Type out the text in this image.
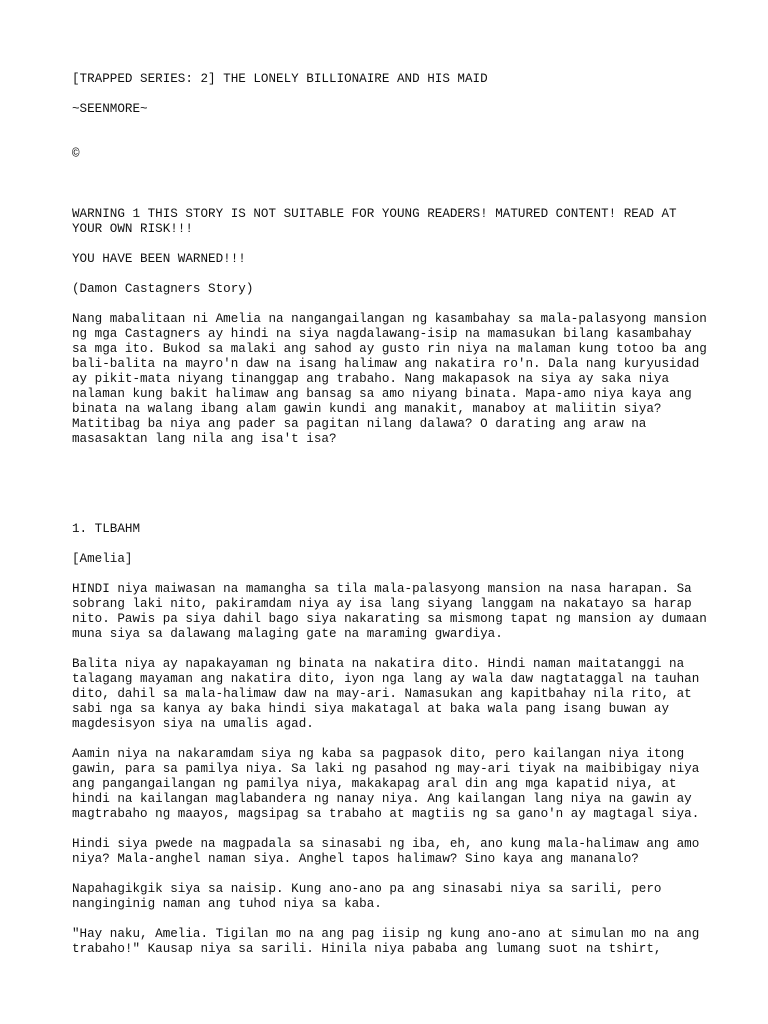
[TRAPPED SERIES: 2] THE LONELY BILLIONAIRE AND HIS MAID

~SEENMORE~

©

WARNING 1 THIS STORY IS NOT SUITABLE FOR YOUNG READERS! MATURED CONTENT! READ AT YOUR OWN RISK!!!

YOU HAVE BEEN WARNED!!!

(Damon Castagners Story)

Nang mabalitaan ni Amelia na nangangailangan ng kasambahay sa mala-palasyong mansion ng mga Castagners ay hindi na siya nagdalawang-isip na mamasukan bilang kasambahay sa mga ito. Bukod sa malaki ang sahod ay gusto rin niya na malaman kung totoo ba ang bali-balita na mayro'n daw na isang halimaw ang nakatira ro'n. Dala nang kuryusidad ay pikit-mata niyang tinanggap ang trabaho. Nang makapasok na siya ay saka niya nalaman kung bakit halimaw ang bansag sa amo niyang binata. Mapa-amo niya kaya ang binata na walang ibang alam gawin kundi ang manakit, manaboy at maliitin siya? Matitibag ba niya ang pader sa pagitan nilang dalawa? O darating ang araw na masasaktan lang nila ang isa't isa?

1. TLBAHM

[Amelia]

HINDI niya maiwasan na mamangha sa tila mala-palasyong mansion na nasa harapan. Sa sobrang laki nito, pakiramdam niya ay isa lang siyang langgam na nakatayo sa harap nito. Pawis pa siya dahil bago siya nakarating sa mismong tapat ng mansion ay dumaan muna siya sa dalawang malaging gate na maraming gwardiya.

Balita niya ay napakayaman ng binata na nakatira dito. Hindi naman maitatanggi na talagang mayaman ang nakatira dito, iyon nga lang ay wala daw nagtataggal na tauhan dito, dahil sa mala-halimaw daw na may-ari. Namasukan ang kapitbahay nila rito, at sabi nga sa kanya ay baka hindi siya makatagal at baka wala pang isang buwan ay magdesisyon siya na umalis agad.

Aamin niya na nakaramdam siya ng kaba sa pagpasok dito, pero kailangan niya itong gawin, para sa pamilya niya. Sa laki ng pasahod ng may-ari tiyak na maibibigay niya ang pangangailangan ng pamilya niya, makakapag aral din ang mga kapatid niya, at hindi na kailangan maglabandera ng nanay niya. Ang kailangan lang niya na gawin ay magtrabaho ng maayos, magsipag sa trabaho at magtiis ng sa gano'n ay magtagal siya.

Hindi siya pwede na magpadala sa sinasabi ng iba, eh, ano kung mala-halimaw ang amo niya? Mala-anghel naman siya. Anghel tapos halimaw? Sino kaya ang mananalo?

Napahagikgik siya sa naisip. Kung ano-ano pa ang sinasabi niya sa sarili, pero nanginginig naman ang tuhod niya sa kaba.

"Hay naku, Amelia. Tigilan mo na ang pag iisip ng kung ano-ano at simulan mo na ang trabaho!" Kausap niya sa sarili. Hinila niya pababa ang lumang suot na tshirt,
